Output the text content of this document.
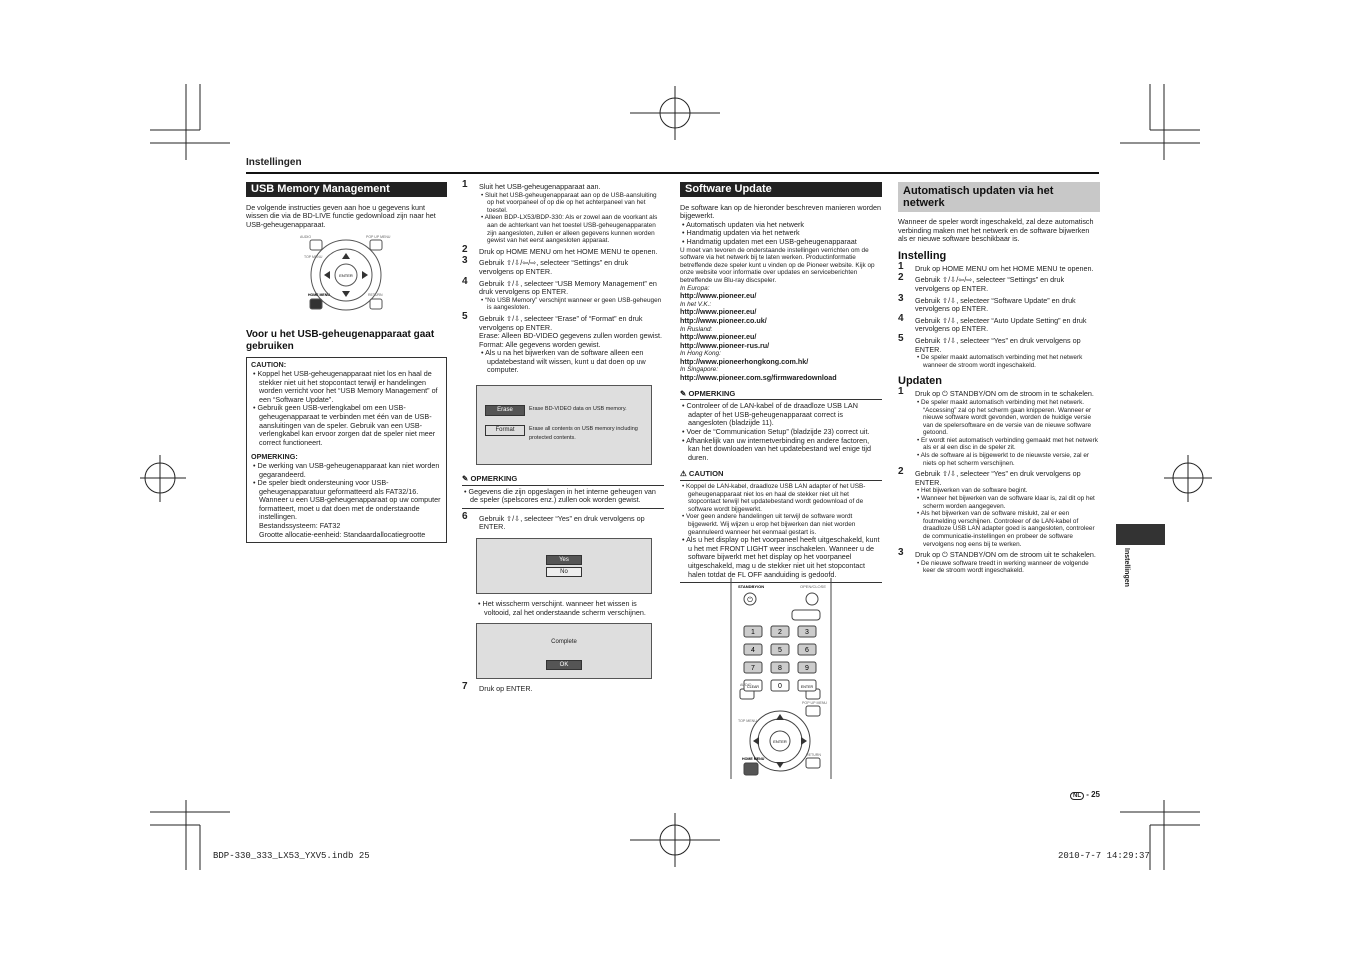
Instellingen
USB Memory Management
De volgende instructies geven aan hoe u gegevens kunt wissen die via de BD-LIVE functie gedownload zijn naar het USB-geheugenapparaat.
ENTER
AUDIO
TOP MENU
POP UP MENU
HOME MENU	RETURN
Voor u het USB-geheugenapparaat gaat gebruiken
CAUTION:

• Koppel het USB-geheugenapparaat niet los en haal de stekker niet uit het stopcontact terwijl er handelingen worden verricht voor het “USB Memory Management” of een “Software Update”.

• Gebruik geen USB-verlengkabel om een USB-geheugenapparaat te verbinden met één van de USB-aansluitingen van de speler. Gebruik van een USB-verlengkabel kan ervoor zorgen dat de speler niet meer correct functioneert.

OPMERKING:

• De werking van USB-geheugenapparaat kan niet worden gegarandeerd.

• De speler biedt ondersteuning voor USB-geheugenapparatuur geformatteerd als FAT32/16. Wanneer u een USB-geheugenapparaat op uw computer formatteert, moet u dat doen met de onderstaande instellingen.

Bestandssysteem: FAT32

Grootte allocatie-eenheid: Standaardallocatiegrootte

1 Sluit het USB-geheugenapparaat aan.

• Sluit het USB-geheugenapparaat aan op de USB-aansluiting op het voorpaneel of op die op het achterpaneel van het toestel.

• Alleen BDP-LX53/BDP-330: Als er zowel aan de voorkant als aan de achterkant van het toestel USB-geheugenapparaten zijn aangesloten, zullen er alleen gegevens kunnen worden gewist van het eerst aangesloten apparaat.

2 Druk op HOME MENU om het HOME MENU te openen.
3 Gebruik ⇧/⇩/⇦/⇨, selecteer “Settings” en druk vervolgens op ENTER.
4 Gebruik ⇧/⇩, selecteer “USB Memory Management” en druk vervolgens op ENTER.

• “No USB Memory” verschijnt wanneer er geen USB-geheugen is aangesloten.

5 Gebruik ⇧/⇩, selecteer “Erase” of “Format” en druk vervolgens op ENTER.
Erase: Alleen BD-VIDEO gegevens zullen worden gewist.
Format: Alle gegevens worden gewist.

• Als u na het bijwerken van de software alleen een updatebestand wilt wissen, kunt u dat doen op uw computer.

Erase	Erase BD-VIDEO data on USB memory.
Format	Erase all contents on USB memory including protected contents.
✎ OPMERKING

• Gegevens die zijn opgeslagen in het interne geheugen van de speler (spelscores enz.) zullen ook worden gewist.

6 Gebruik ⇧/⇩, selecteer “Yes” en druk vervolgens op ENTER.
Yes
No

• Het wisscherm verschijnt. wanneer het wissen is voltooid, zal het onderstaande scherm verschijnen.

Complete
OK
7 Druk op ENTER.
Software Update
De software kan op de hieronder beschreven manieren worden bijgewerkt.

• Automatisch updaten via het netwerk

• Handmatig updaten via het netwerk

• Handmatig updaten met een USB-geheugenapparaat

U moet van tevoren de onderstaande instellingen verrichten om de software via het netwerk bij te laten werken. Productinformatie betreffende deze speler kunt u vinden op de Pioneer website. Kijk op onze website voor informatie over updates en serviceberichten betreffende uw Blu-ray discspeler.
In Europa:
http://www.pioneer.eu/
In het V.K.:
http://www.pioneer.eu/
http://www.pioneer.co.uk/
In Rusland:
http://www.pioneer.eu/
http://www.pioneer-rus.ru/
In Hong Kong:
http://www.pioneerhongkong.com.hk/
In Singapore:
http://www.pioneer.com.sg/firmwaredownload
✎ OPMERKING

• Controleer of de LAN-kabel of de draadloze USB LAN adapter of het USB-geheugenapparaat correct is aangesloten (bladzijde 11).

• Voer de “Communication Setup” (bladzijde 23) correct uit.

• Afhankelijk van uw internetverbinding en andere factoren, kan het downloaden van het updatebestand wel enige tijd duren.

⚠ CAUTION

• Koppel de LAN-kabel, draadloze USB LAN adapter of het USB-geheugenapparaat niet los en haal de stekker niet uit het stopcontact terwijl het updatebestand wordt gedownload of de software wordt bijgewerkt.

• Voer geen andere handelingen uit terwijl de software wordt bijgewerkt. Wij wijzen u erop het bijwerken dan niet worden geannuleerd wanneer het eenmaal gestart is.

• Als u het display op het voorpaneel heeft uitgeschakeld, kunt u het met FRONT LIGHT weer inschakelen. Wanneer u de software bijwerkt met het display op het voorpaneel uitgeschakeld, mag u de stekker niet uit het stopcontact halen totdat de FL OFF aanduiding is gedoofd.

⏻
STANDBY/ON	OPEN/CLOSE
1	2	3
4	5	6
7	8	9
CLEAR	0	ENTER
ENTER
HOME MENU
RETURN
TOP MENU
POP UP MENU
AUDIO
Automatisch updaten via het netwerk
Wanneer de speler wordt ingeschakeld, zal deze automatisch verbinding maken met het netwerk en de software bijwerken als er nieuwe software beschikbaar is.
Instelling
1 Druk op HOME MENU om het HOME MENU te openen.
2 Gebruik ⇧/⇩/⇦/⇨, selecteer “Settings” en druk vervolgens op ENTER.
3 Gebruik ⇧/⇩, selecteer “Software Update” en druk vervolgens op ENTER.
4 Gebruik ⇧/⇩, selecteer “Auto Update Setting” en druk vervolgens op ENTER.
5 Gebruik ⇧/⇩, selecteer “Yes” en druk vervolgens op ENTER.

• De speler maakt automatisch verbinding met het netwerk wanneer de stroom wordt ingeschakeld.

Updaten
1 Druk op ⏻ STANDBY/ON om de stroom in te schakelen.

• De speler maakt automatisch verbinding met het netwerk. “Accessing” zal op het scherm gaan knipperen. Wanneer er nieuwe software wordt gevonden, worden de huidige versie van de spelersoftware en de versie van de nieuwe software getoond.

• Er wordt niet automatisch verbinding gemaakt met het netwerk als er al een disc in de speler zit.

• Als de software al is bijgewerkt to de nieuwste versie, zal er niets op het scherm verschijnen.

2 Gebruik ⇧/⇩, selecteer “Yes” en druk vervolgens op ENTER.

• Het bijwerken van de software begint.

• Wanneer het bijwerken van de software klaar is, zal dit op het scherm worden aangegeven.

• Als het bijwerken van de software mislukt, zal er een foutmelding verschijnen. Controleer of de LAN-kabel of draadloze USB LAN adapter goed is aangesloten, controleer de communicatie-instellingen en probeer de software vervolgens nog eens bij te werken.

3 Druk op ⏻ STANDBY/ON om de stroom uit te schakelen.

• De nieuwe software treedt in werking wanneer de volgende keer de stroom wordt ingeschakeld.	Instellingen
NL - 25
BDP-330_333_LX53_YXV5.indb 25	2010-7-7 14:29:37
